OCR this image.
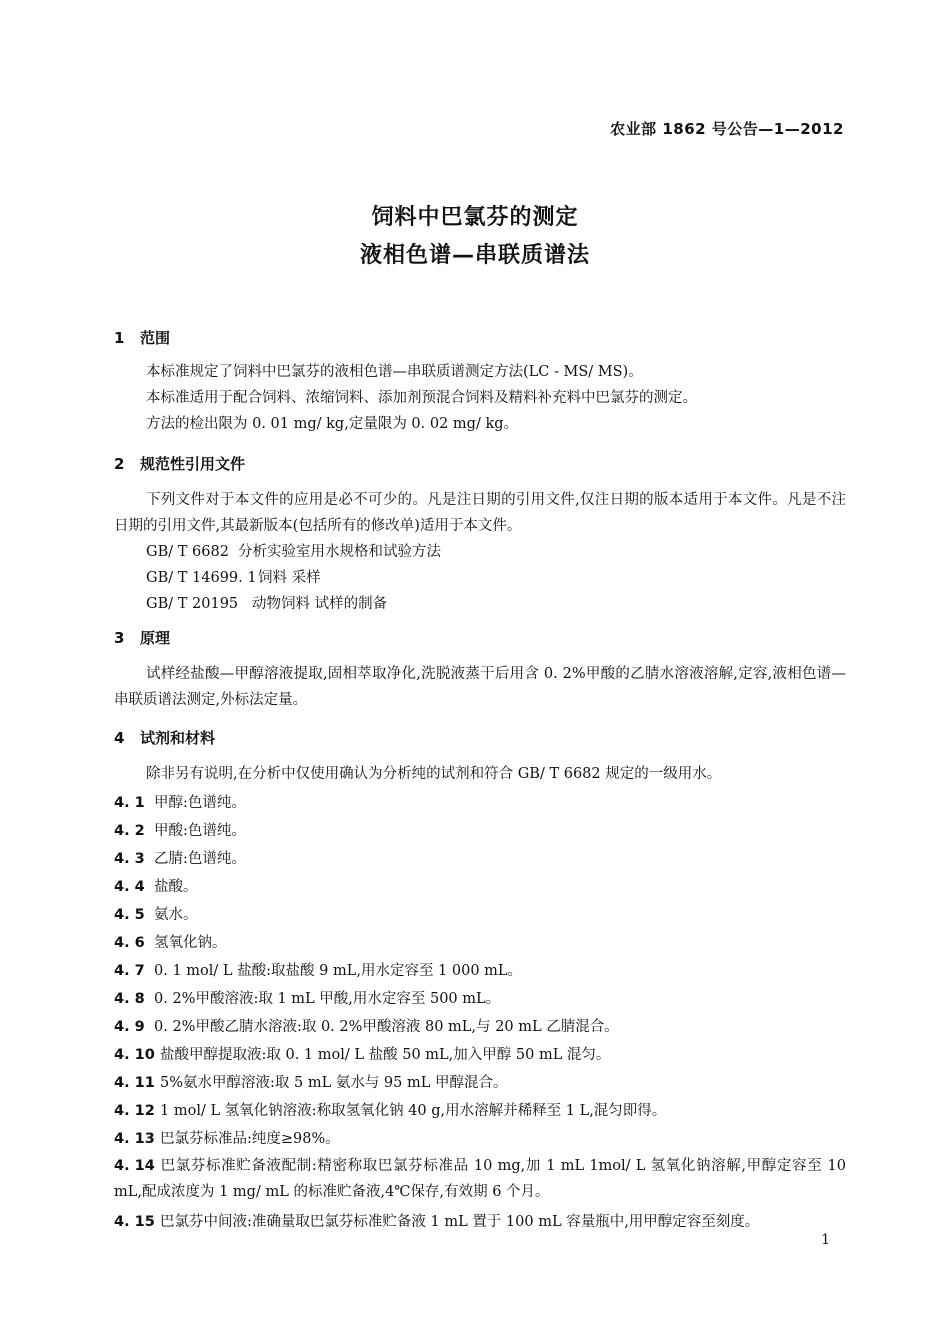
农业部 1862 号公告—1—2012
饲料中巴氯芬的测定
液相色谱—串联质谱法
1 范围
本标准规定了饲料中巴氯芬的液相色谱—串联质谱测定方法(LC - MS/ MS)。
本标准适用于配合饲料、浓缩饲料、添加剂预混合饲料及精料补充料中巴氯芬的测定。
方法的检出限为 0. 01 mg/ kg,定量限为 0. 02 mg/ kg。
2 规范性引用文件
下列文件对于本文件的应用是必不可少的。凡是注日期的引用文件,仅注日期的版本适用于本文件。凡是不注日期的引用文件,其最新版本(包括所有的修改单)适用于本文件。
GB/ T 6682 分析实验室用水规格和试验方法
GB/ T 14699. 1饲料 采样
GB/ T 20195 动物饲料 试样的制备
3 原理
试样经盐酸—甲醇溶液提取,固相萃取净化,洗脱液蒸干后用含 0. 2%甲酸的乙腈水溶液溶解,定容,液相色谱—串联质谱法测定,外标法定量。
4 试剂和材料
除非另有说明,在分析中仅使用确认为分析纯的试剂和符合 GB/ T 6682 规定的一级用水。
4. 1 甲醇:色谱纯。
4. 2 甲酸:色谱纯。
4. 3 乙腈:色谱纯。
4. 4 盐酸。
4. 5 氨水。
4. 6 氢氧化钠。
4. 7 0. 1 mol/ L 盐酸:取盐酸 9 mL,用水定容至 1 000 mL。
4. 8 0. 2%甲酸溶液:取 1 mL 甲酸,用水定容至 500 mL。
4. 9 0. 2%甲酸乙腈水溶液:取 0. 2%甲酸溶液 80 mL,与 20 mL 乙腈混合。
4. 10 盐酸甲醇提取液:取 0. 1 mol/ L 盐酸 50 mL,加入甲醇 50 mL 混匀。
4. 11 5%氨水甲醇溶液:取 5 mL 氨水与 95 mL 甲醇混合。
4. 12 1 mol/ L 氢氧化钠溶液:称取氢氧化钠 40 g,用水溶解并稀释至 1 L,混匀即得。
4. 13 巴氯芬标准品:纯度≥98%。
4. 14 巴氯芬标准贮备液配制:精密称取巴氯芬标准品 10 mg,加 1 mL 1mol/ L 氢氧化钠溶解,甲醇定容至 10 mL,配成浓度为 1 mg/ mL 的标准贮备液,4℃保存,有效期 6 个月。
4. 15 巴氯芬中间液:准确量取巴氯芬标准贮备液 1 mL 置于 100 mL 容量瓶中,用甲醇定容至刻度。
1
